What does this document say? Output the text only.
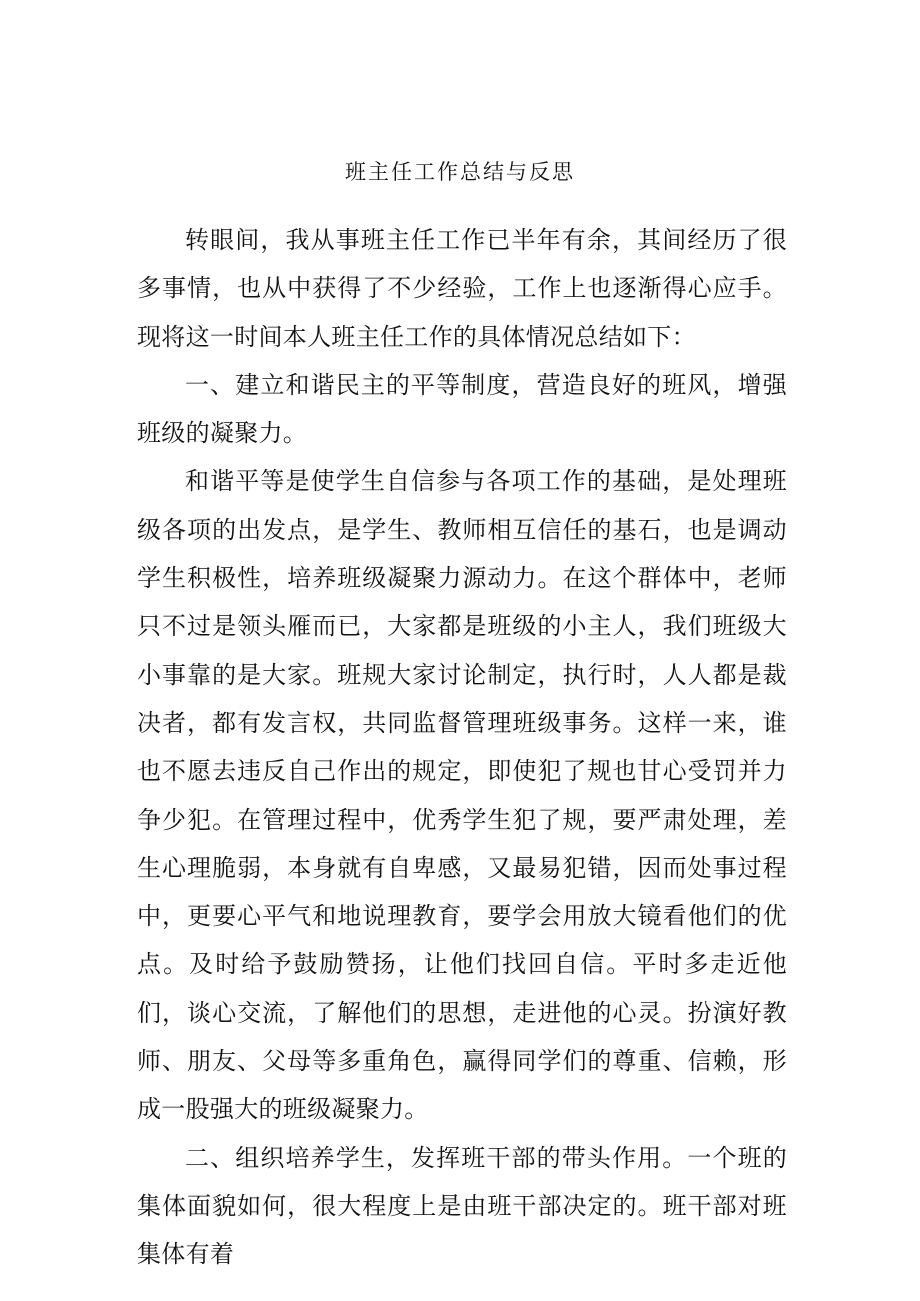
班主任工作总结与反思

转眼间，我从事班主任工作已半年有余，其间经历了很多事情，也从中获得了不少经验，工作上也逐渐得心应手。现将这一时间本人班主任工作的具体情况总结如下：

一、建立和谐民主的平等制度，营造良好的班风，增强班级的凝聚力。

和谐平等是使学生自信参与各项工作的基础，是处理班级各项的出发点，是学生、教师相互信任的基石，也是调动学生积极性，培养班级凝聚力源动力。在这个群体中，老师只不过是领头雁而已，大家都是班级的小主人，我们班级大小事靠的是大家。班规大家讨论制定，执行时，人人都是裁决者，都有发言权，共同监督管理班级事务。这样一来，谁也不愿去违反自己作出的规定，即使犯了规也甘心受罚并力争少犯。在管理过程中，优秀学生犯了规，要严肃处理，差生心理脆弱，本身就有自卑感，又最易犯错，因而处事过程中，更要心平气和地说理教育，要学会用放大镜看他们的优点。及时给予鼓励赞扬，让他们找回自信。平时多走近他们，谈心交流，了解他们的思想，走进他的心灵。扮演好教师、朋友、父母等多重角色，赢得同学们的尊重、信赖，形成一股强大的班级凝聚力。

二、组织培养学生，发挥班干部的带头作用。一个班的集体面貌如何，很大程度上是由班干部决定的。班干部对班集体有着
